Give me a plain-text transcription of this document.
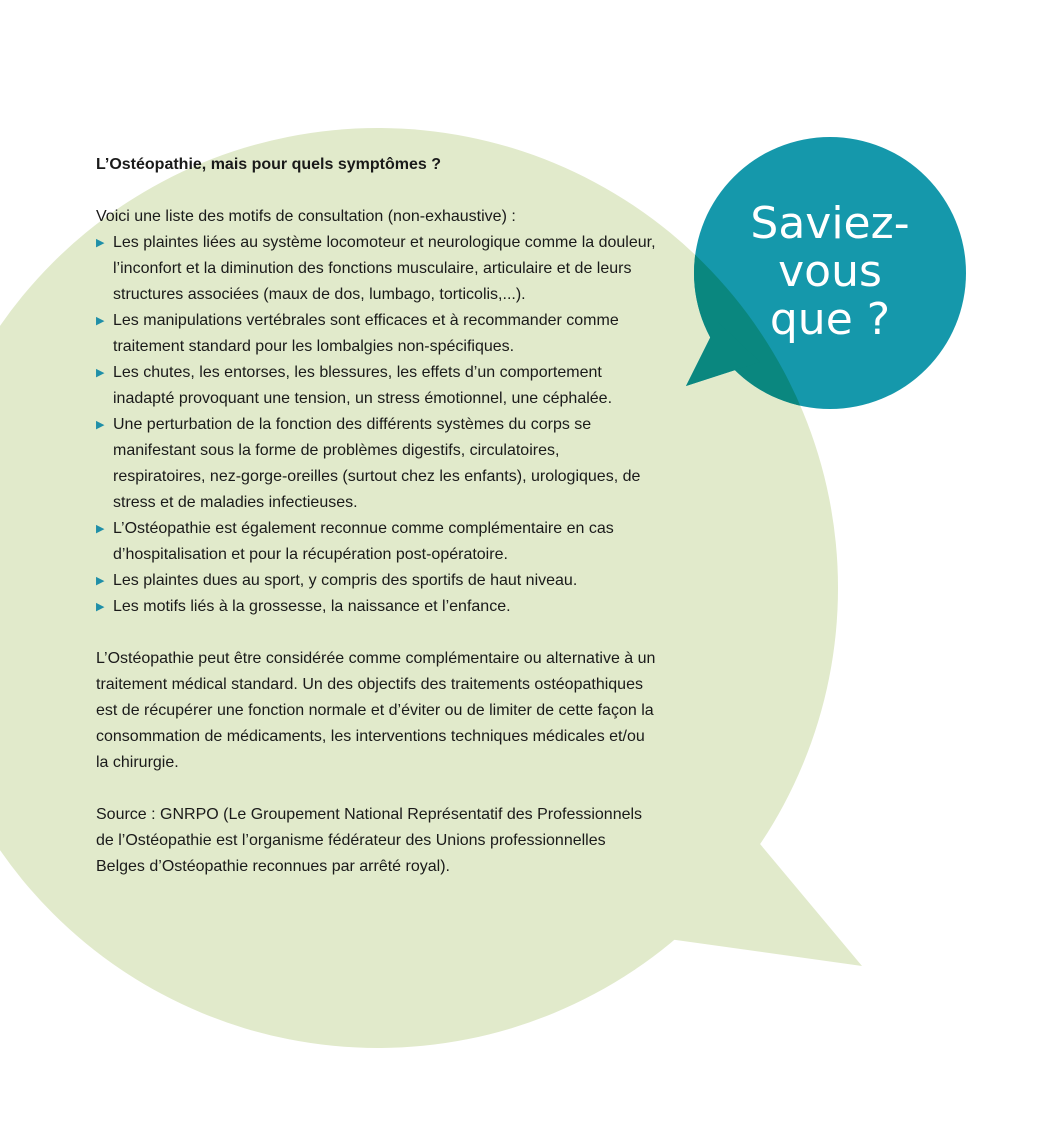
Saviez-
vous
que ?

L’Ostéopathie, mais pour quels symptômes ?

Voici une liste des motifs de consultation (non-exhaustive) :

▶ Les plaintes liées au système locomoteur et neurologique comme la douleur, l’inconfort et la diminution des fonctions musculaire, articulaire et de leurs structures associées (maux de dos, lumbago, torticolis,...).
▶ Les manipulations vertébrales sont efficaces et à recommander comme traitement standard pour les lombalgies non-spécifiques.
▶ Les chutes, les entorses, les blessures, les effets d’un comportement inadapté provoquant une tension, un stress émotionnel, une céphalée.
▶ Une perturbation de la fonction des différents systèmes du corps se manifestant sous la forme de problèmes digestifs, circulatoires, respiratoires, nez-gorge-oreilles (surtout chez les enfants), urologiques, de stress et de maladies infectieuses.
▶ L’Ostéopathie est également reconnue comme complémentaire en cas d’hospitalisation et pour la récupération post-opératoire.
▶ Les plaintes dues au sport, y compris des sportifs de haut niveau.
▶ Les motifs liés à la grossesse, la naissance et l’enfance.

L’Ostéopathie peut être considérée comme complémentaire ou alternative à un traitement médical standard. Un des objectifs des traitements ostéopathiques est de récupérer une fonction normale et d’éviter ou de limiter de cette façon la consommation de médicaments, les interventions techniques médicales et/ou la chirurgie.

Source : GNRPO (Le Groupement National Représentatif des Professionnels de l’Ostéopathie est l’organisme fédérateur des Unions professionnelles Belges d’Ostéopathie reconnues par arrêté royal).
